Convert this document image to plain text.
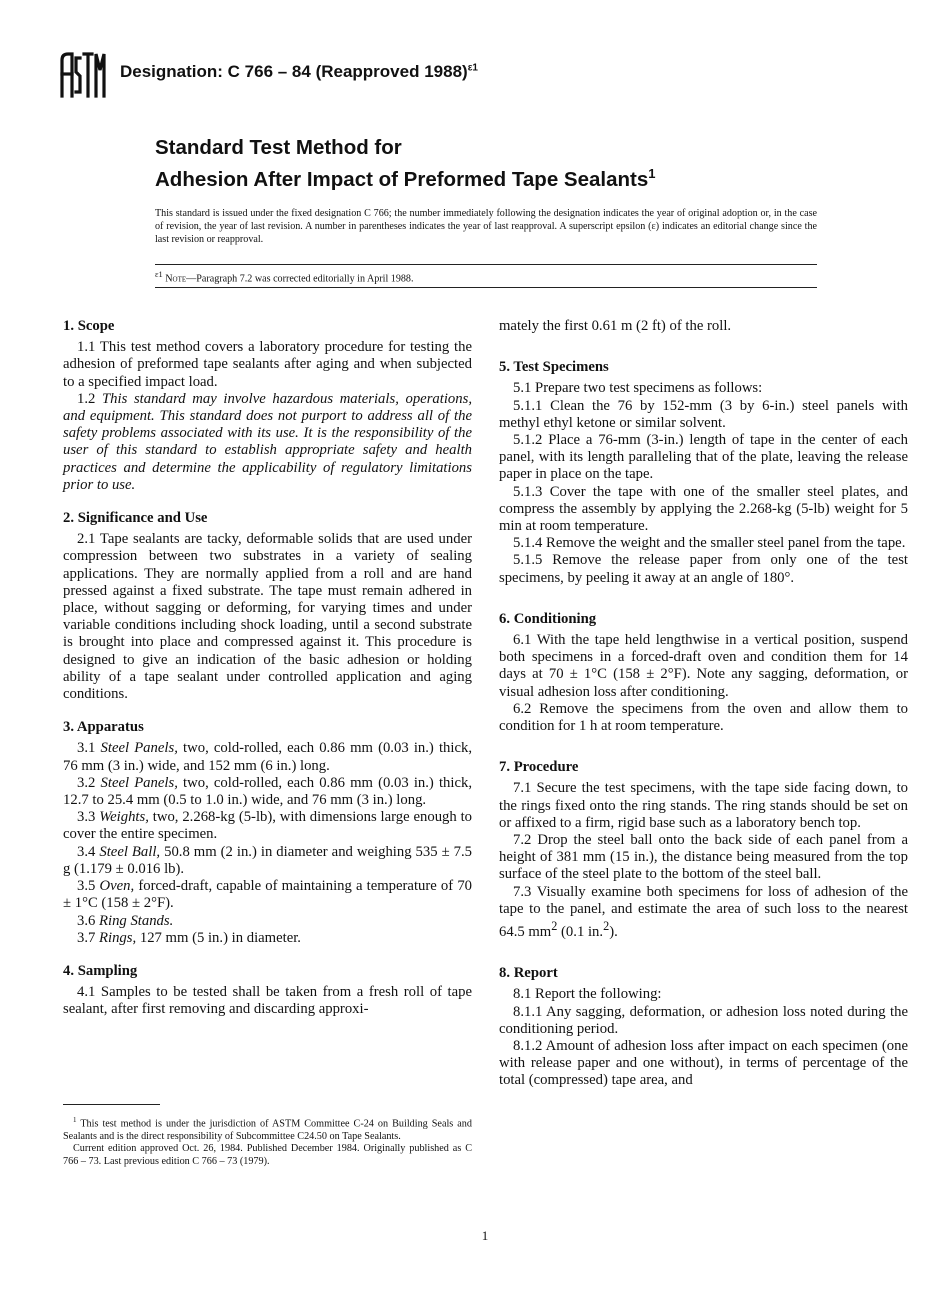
Designation: C 766 – 84 (Reapproved 1988)$^{\varepsilon 1}$
Standard Test Method for
Adhesion After Impact of Preformed Tape Sealants$^1$
This standard is issued under the fixed designation C 766; the number immediately following the designation indicates the year of original adoption or, in the case of revision, the year of last revision. A number in parentheses indicates the year of last reapproval. A superscript epsilon (ε) indicates an editorial change since the last revision or reapproval.
$^{\varepsilon 1}$ Note—Paragraph 7.2 was corrected editorially in April 1988.

1. Scope

1.1 This test method covers a laboratory procedure for testing the adhesion of preformed tape sealants after aging and when subjected to a specified impact load.

1.2 This standard may involve hazardous materials, operations, and equipment. This standard does not purport to address all of the safety problems associated with its use. It is the responsibility of the user of this standard to establish appropriate safety and health practices and determine the applicability of regulatory limitations prior to use.

2. Significance and Use

2.1 Tape sealants are tacky, deformable solids that are used under compression between two substrates in a variety of sealing applications. They are normally applied from a roll and are hand pressed against a fixed substrate. The tape must remain adhered in place, without sagging or deforming, for varying times and under variable conditions including shock loading, until a second substrate is brought into place and compressed against it. This procedure is designed to give an indication of the basic adhesion or holding ability of a tape sealant under controlled application and aging conditions.

3. Apparatus

3.1 Steel Panels, two, cold-rolled, each 0.86 mm (0.03 in.) thick, 76 mm (3 in.) wide, and 152 mm (6 in.) long.

3.2 Steel Panels, two, cold-rolled, each 0.86 mm (0.03 in.) thick, 12.7 to 25.4 mm (0.5 to 1.0 in.) wide, and 76 mm (3 in.) long.

3.3 Weights, two, 2.268-kg (5-lb), with dimensions large enough to cover the entire specimen.

3.4 Steel Ball, 50.8 mm (2 in.) in diameter and weighing 535 ± 7.5 g (1.179 ± 0.016 lb).

3.5 Oven, forced-draft, capable of maintaining a temperature of 70 ± 1°C (158 ± 2°F).

3.6 Ring Stands.

3.7 Rings, 127 mm (5 in.) in diameter.

4. Sampling

4.1 Samples to be tested shall be taken from a fresh roll of tape sealant, after first removing and discarding approxi-

mately the first 0.61 m (2 ft) of the roll.

5. Test Specimens

5.1 Prepare two test specimens as follows:

5.1.1 Clean the 76 by 152-mm (3 by 6-in.) steel panels with methyl ethyl ketone or similar solvent.

5.1.2 Place a 76-mm (3-in.) length of tape in the center of each panel, with its length paralleling that of the plate, leaving the release paper in place on the tape.

5.1.3 Cover the tape with one of the smaller steel plates, and compress the assembly by applying the 2.268-kg (5-lb) weight for 5 min at room temperature.

5.1.4 Remove the weight and the smaller steel panel from the tape.

5.1.5 Remove the release paper from only one of the test specimens, by peeling it away at an angle of 180°.

6. Conditioning

6.1 With the tape held lengthwise in a vertical position, suspend both specimens in a forced-draft oven and condition them for 14 days at 70 ± 1°C (158 ± 2°F). Note any sagging, deformation, or visual adhesion loss after conditioning.

6.2 Remove the specimens from the oven and allow them to condition for 1 h at room temperature.

7. Procedure

7.1 Secure the test specimens, with the tape side facing down, to the rings fixed onto the ring stands. The ring stands should be set on or affixed to a firm, rigid base such as a laboratory bench top.

7.2 Drop the steel ball onto the back side of each panel from a height of 381 mm (15 in.), the distance being measured from the top surface of the steel plate to the bottom of the steel ball.

7.3 Visually examine both specimens for loss of adhesion of the tape to the panel, and estimate the area of such loss to the nearest 64.5 $mm^2$ (0.1 in.$^2$).

8. Report

8.1 Report the following:

8.1.1 Any sagging, deformation, or adhesion loss noted during the conditioning period.

8.1.2 Amount of adhesion loss after impact on each specimen (one with release paper and one without), in terms of percentage of the total (compressed) tape area, and

$^1$ This test method is under the jurisdiction of ASTM Committee C-24 on Building Seals and Sealants and is the direct responsibility of Subcommittee C24.50 on Tape Sealants.

Current edition approved Oct. 26, 1984. Published December 1984. Originally published as C 766 – 73. Last previous edition C 766 – 73 (1979).

1
